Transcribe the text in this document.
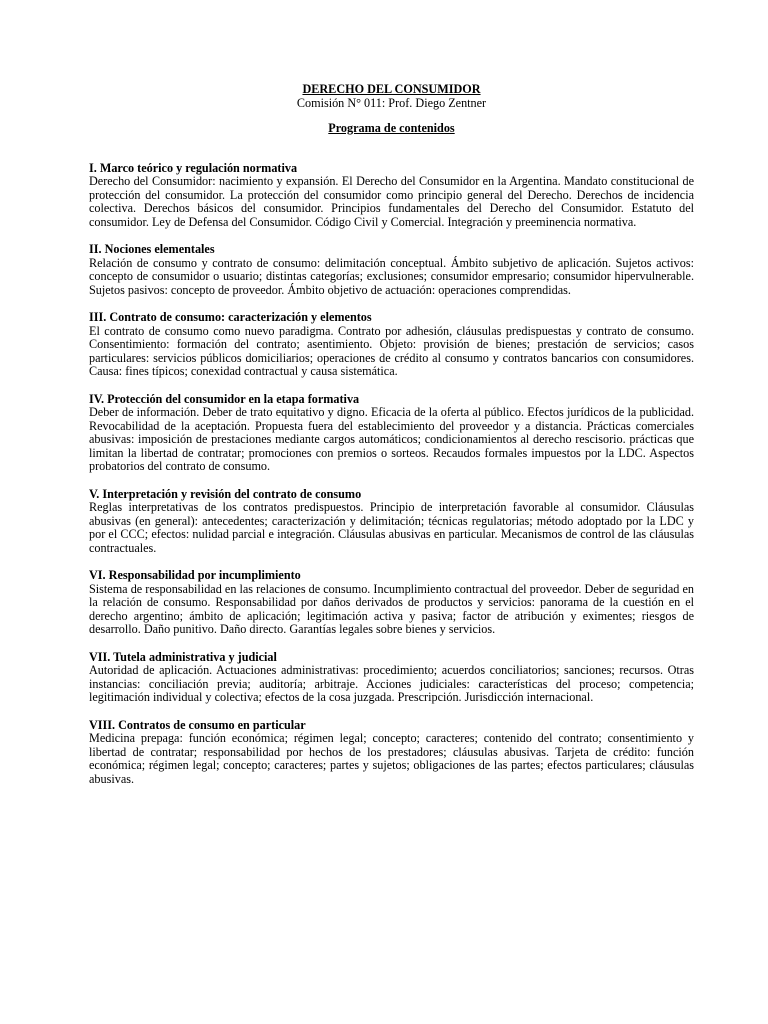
DERECHO DEL CONSUMIDOR
Comisión N° 011: Prof. Diego Zentner
Programa de contenidos
I. Marco teórico y regulación normativa

Derecho del Consumidor: nacimiento y expansión. El Derecho del Consumidor en la Argentina. Mandato constitucional de protección del consumidor. La protección del consumidor como principio general del Derecho. Derechos de incidencia colectiva. Derechos básicos del consumidor. Principios fundamentales del Derecho del Consumidor. Estatuto del consumidor. Ley de Defensa del Consumidor. Código Civil y Comercial. Integración y preeminencia normativa.

II. Nociones elementales

Relación de consumo y contrato de consumo: delimitación conceptual. Ámbito subjetivo de aplicación. Sujetos activos: concepto de consumidor o usuario; distintas categorías; exclusiones; consumidor empresario; consumidor hipervulnerable. Sujetos pasivos: concepto de proveedor. Ámbito objetivo de actuación: operaciones comprendidas.

III. Contrato de consumo: caracterización y elementos

El contrato de consumo como nuevo paradigma. Contrato por adhesión, cláusulas predispuestas y contrato de consumo. Consentimiento: formación del contrato; asentimiento. Objeto: provisión de bienes; prestación de servicios; casos particulares: servicios públicos domiciliarios; operaciones de crédito al consumo y contratos bancarios con consumidores. Causa: fines típicos; conexidad contractual y causa sistemática.

IV. Protección del consumidor en la etapa formativa

Deber de información. Deber de trato equitativo y digno. Eficacia de la oferta al público. Efectos jurídicos de la publicidad. Revocabilidad de la aceptación. Propuesta fuera del establecimiento del proveedor y a distancia. Prácticas comerciales abusivas: imposición de prestaciones mediante cargos automáticos; condicionamientos al derecho rescisorio. prácticas que limitan la libertad de contratar; promociones con premios o sorteos. Recaudos formales impuestos por la LDC. Aspectos probatorios del contrato de consumo.

V. Interpretación y revisión del contrato de consumo

Reglas interpretativas de los contratos predispuestos. Principio de interpretación favorable al consumidor. Cláusulas abusivas (en general): antecedentes; caracterización y delimitación; técnicas regulatorias; método adoptado por la LDC y por el CCC; efectos: nulidad parcial e integración. Cláusulas abusivas en particular. Mecanismos de control de las cláusulas contractuales.

VI. Responsabilidad por incumplimiento

Sistema de responsabilidad en las relaciones de consumo. Incumplimiento contractual del proveedor. Deber de seguridad en la relación de consumo. Responsabilidad por daños derivados de productos y servicios: panorama de la cuestión en el derecho argentino; ámbito de aplicación; legitimación activa y pasiva; factor de atribución y eximentes; riesgos de desarrollo. Daño punitivo. Daño directo. Garantías legales sobre bienes y servicios.

VII. Tutela administrativa y judicial

Autoridad de aplicación. Actuaciones administrativas: procedimiento; acuerdos conciliatorios; sanciones; recursos. Otras instancias: conciliación previa; auditoría; arbitraje. Acciones judiciales: características del proceso; competencia; legitimación individual y colectiva; efectos de la cosa juzgada. Prescripción. Jurisdicción internacional.

VIII. Contratos de consumo en particular

Medicina prepaga: función económica; régimen legal; concepto; caracteres; contenido del contrato; consentimiento y libertad de contratar; responsabilidad por hechos de los prestadores; cláusulas abusivas. Tarjeta de crédito: función económica; régimen legal; concepto; caracteres; partes y sujetos; obligaciones de las partes; efectos particulares; cláusulas abusivas.
